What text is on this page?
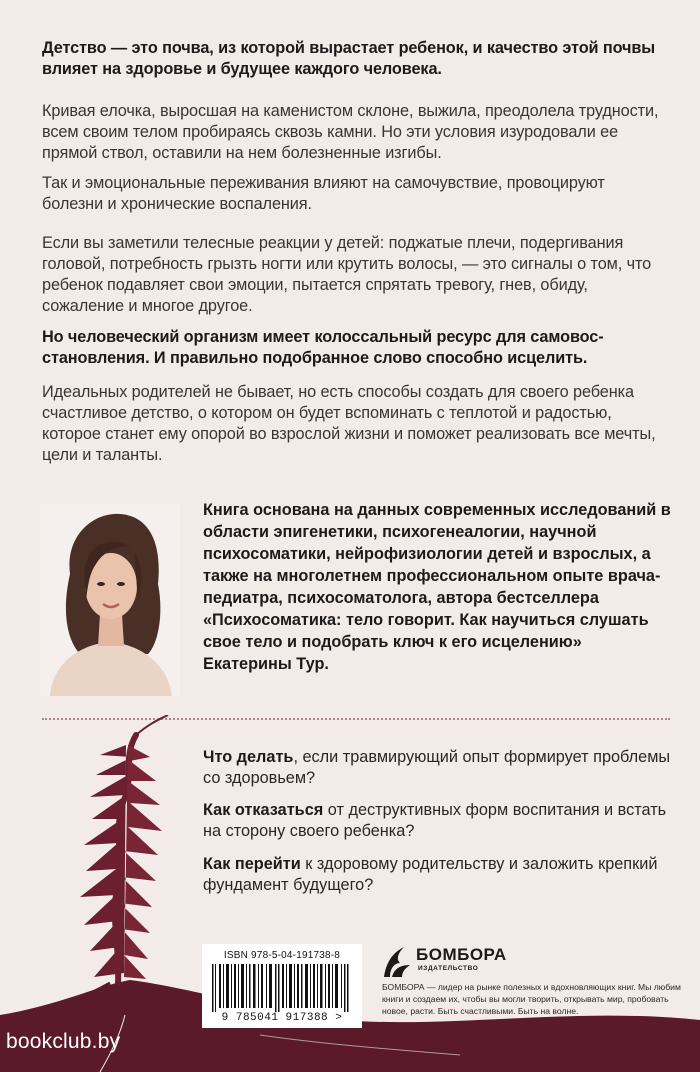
Детство — это почва, из которой вырастает ребенок, и качество этой почвы влияет на здоровье и будущее каждого человека.

Кривая елочка, выросшая на каменистом склоне, выжила, преодолела трудности, всем своим телом пробираясь сквозь камни. Но эти условия изуродовали ее прямой ствол, оставили на нем болезненные изгибы.

Так и эмоциональные переживания влияют на самочувствие, провоцируют болезни и хронические воспаления.

Если вы заметили телесные реакции у детей: поджатые плечи, подергивания головой, потребность грызть ногти или крутить волосы, — это сигналы о том, что ребенок подавляет свои эмоции, пытается спрятать тревогу, гнев, обиду, сожаление и многое другое.

Но человеческий организм имеет колоссальный ресурс для самовосстановления. И правильно подобранное слово способно исцелить.

Идеальных родителей не бывает, но есть способы создать для своего ребенка счастливое детство, о котором он будет вспоминать с теплотой и радостью, которое станет ему опорой во взрослой жизни и поможет реализовать все мечты, цели и таланты.

Книга основана на данных современных исследований в области эпигенетики, психогенеалогии, научной психосоматики, нейрофизиологии детей и взрослых, а также на многолетнем профессиональном опыте врача-педиатра, психосоматолога, автора бестселлера «Психосоматика: тело говорит. Как научиться слушать свое тело и подобрать ключ к его исцелению» Екатерины Тур.

Что делать, если травмирующий опыт формирует проблемы со здоровьем?

Как отказаться от деструктивных форм воспитания и встать на сторону своего ребенка?

Как перейти к здоровому родительству и заложить крепкий фундамент будущего?

ISBN 978-5-04-191738-8
9 785041 917388 >
БОМБОРА
ИЗДАТЕЛЬСТВО

БОМБОРА — лидер на рынке полезных и вдохновляющих книг. Мы любим книги и создаем их, чтобы вы могли творить, открывать мир, пробовать новое, расти. Быть счастливыми. Быть на волне.

bookclub.by
